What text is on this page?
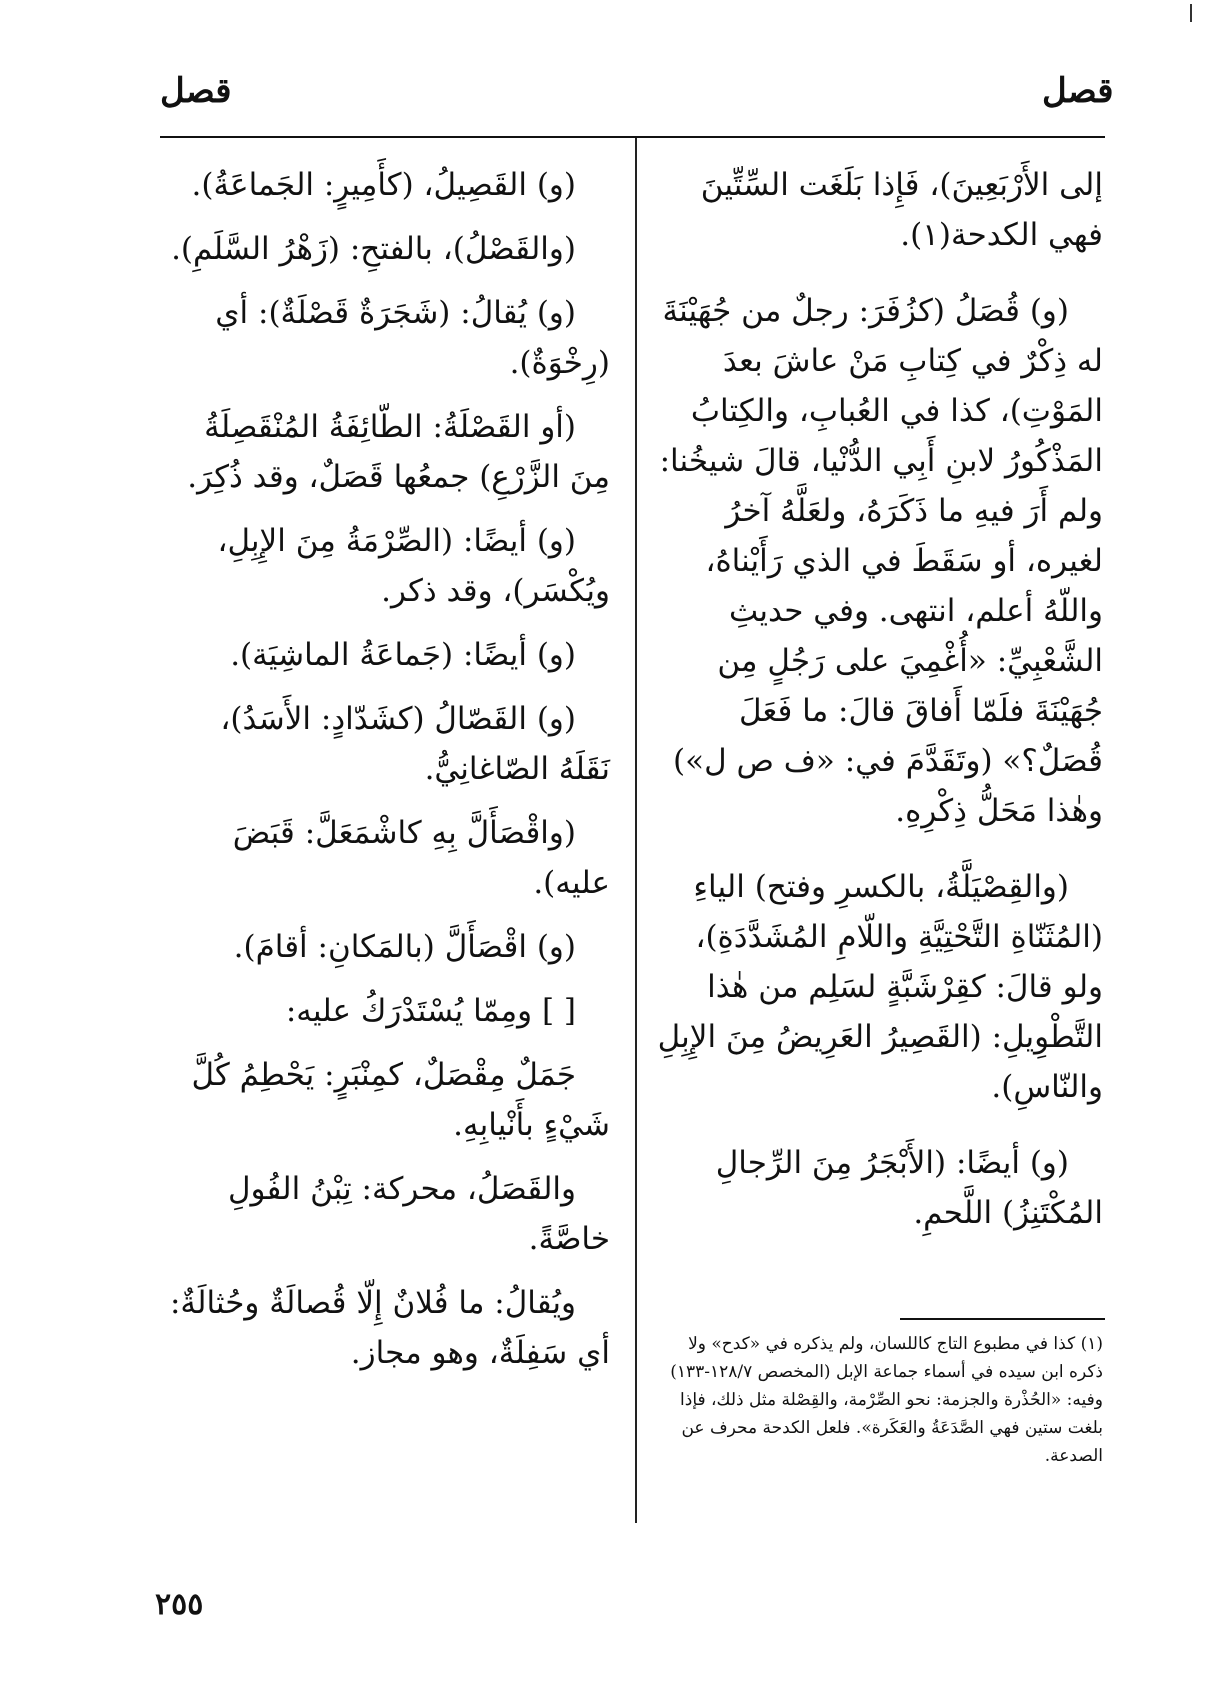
قصل	قصل

إلى الأَرْبَعِينَ)، فَإِذا بَلَغَت السِّتِّينَ فهي الكدحة(١).

(و) قُصَلُ (كزُفَرَ: رجلٌ من جُهَيْنَةَ له ذِكْرٌ في كِتابِ مَنْ عاشَ بعدَ المَوْتِ)، كذا في العُبابِ، والكِتابُ المَذْكُورُ لابنِ أَبِي الدُّنْيا، قالَ شيخُنا: ولم أَرَ فيهِ ما ذَكَرَهُ، ولعَلَّهُ آخرُ لغيره، أو سَقَطَ في الذي رَأَيْناهُ، واللّهُ أعلم، انتهى. وفي حديثِ الشَّعْبِيِّ: «أُغْمِيَ على رَجُلٍ مِن جُهَيْنَةَ فلَمّا أَفاقَ قالَ: ما فَعَلَ قُصَلٌ؟» (وتَقَدَّمَ في: «ف ص ل») وهٰذا مَحَلُّ ذِكْرِهِ.

(والقِصْيَلَّةُ، بالكسرِ وفتح) الياءِ (المُثَنّاةِ التَّحْتِيَّةِ واللّامِ المُشَدَّدَةِ)، ولو قالَ: كقِرْشَبَّةٍ لسَلِم من هٰذا التَّطْوِيلِ: (القَصِيرُ العَرِيضُ مِنَ الإِبِلِ والنّاسِ).

(و) أيضًا: (الأَبْجَرُ مِنَ الرِّجالِ المُكْتَنِزُ) اللَّحمِ.

(١) كذا في مطبوع التاج كاللسان، ولم يذكره في «كدح» ولا ذكره ابن سيده في أسماء جماعة الإبل (المخصص ١٢٨/٧-١٣٣) وفيه: «الحُذْرة والجزمة: نحو الصِّرْمة، والقِصْلة مثل ذلك، فإذا بلغت ستين فهي الصَّدَعَةُ والعَكَرة». فلعل الكدحة محرف عن الصدعة.

(و) القَصِيلُ، (كأَمِيرٍ: الجَماعَةُ).

(والقَصْلُ)، بالفتحِ: (زَهْرُ السَّلَمِ).

(و) يُقالُ: (شَجَرَةٌ قَصْلَةٌ): أي (رِخْوَةٌ).

(أو القَصْلَةُ: الطّائِفَةُ المُنْقَصِلَةُ مِنَ الزَّرْعِ) جمعُها قَصَلٌ، وقد ذُكِرَ.

(و) أيضًا: (الصِّرْمَةُ مِنَ الإِبِلِ، ويُكْسَر)، وقد ذكر.

(و) أيضًا: (جَماعَةُ الماشِيَة).

(و) القَصّالُ (كشَدّادٍ: الأَسَدُ)، نَقَلَهُ الصّاغانِيُّ.

(واقْصَأَلَّ بِهِ كاشْمَعَلَّ: قَبَضَ عليه).

(و) اقْصَأَلَّ (بالمَكانِ: أقامَ).

[ ] ومِمّا يُسْتَدْرَكُ عليه:

جَمَلٌ مِقْصَلٌ، كمِنْبَرٍ: يَحْطِمُ كُلَّ شَيْءٍ بأَنْيابِهِ.

والقَصَلُ، محركة: تِبْنُ الفُولِ خاصَّةً.

ويُقالُ: ما فُلانٌ إِلّا قُصالَةٌ وحُثالَةٌ: أي سَفِلَةٌ، وهو مجاز.

٢٥٥
